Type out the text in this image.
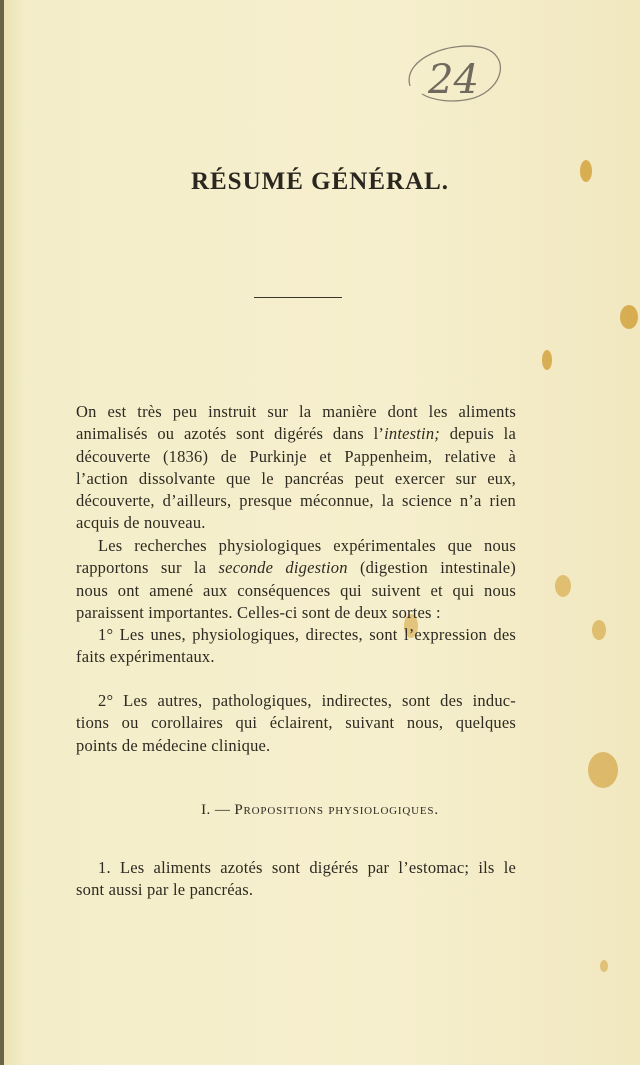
24
RÉSUMÉ GÉNÉRAL.
On est très peu instruit sur la manière dont les aliments
animalisés ou azotés sont digérés dans l’intestin; depuis la
découverte (1836) de Purkinje et Pappenheim, relative à
l’action dissolvante que le pancréas peut exercer sur eux,
découverte, d’ailleurs, presque méconnue, la science n’a rien
acquis de nouveau.
Les recherches physiologiques expérimentales que nous
rapportons sur la seconde digestion (digestion intestinale)
nous ont amené aux conséquences qui suivent et qui nous
paraissent importantes. Celles-ci sont de deux sortes :
1° Les unes, physiologiques, directes, sont l’expression des
faits expérimentaux.
2° Les autres, pathologiques, indirectes, sont des induc-
tions ou corollaires qui éclairent, suivant nous, quelques
points de médecine clinique.
I. — Propositions physiologiques.
1. Les aliments azotés sont digérés par l’estomac; ils le
sont aussi par le pancréas.
